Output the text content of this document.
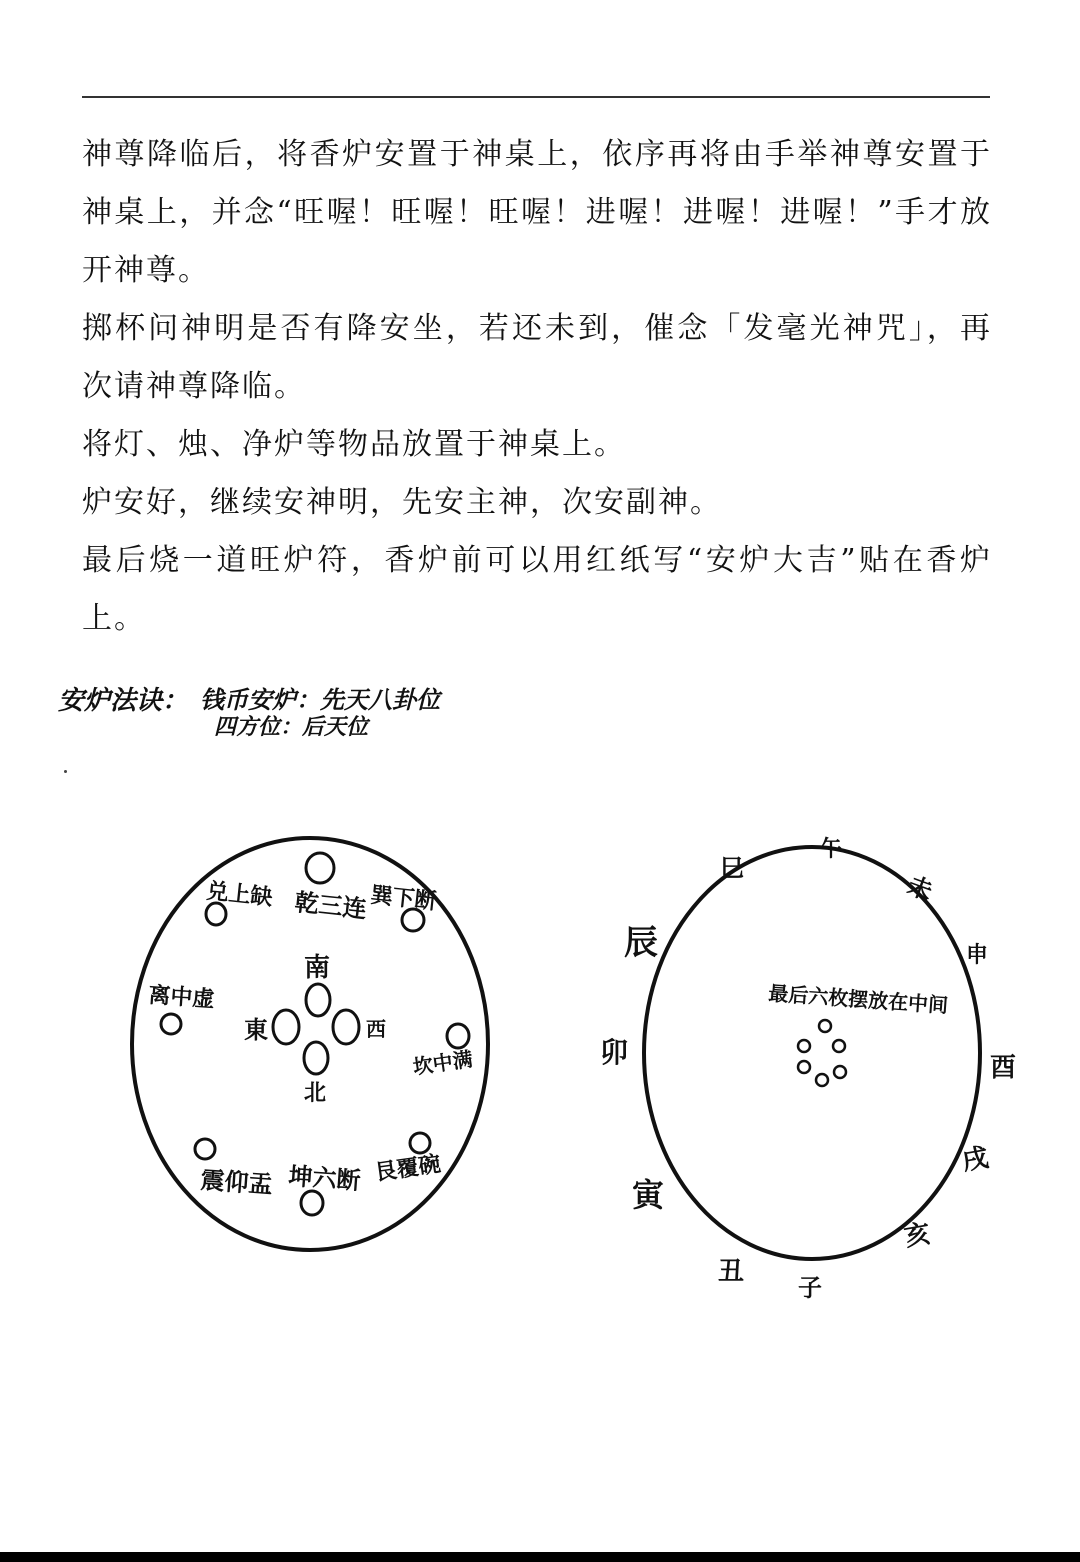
神尊降临后，将香炉安置于神桌上，依序再将由手举神尊安置于神桌上，并念“旺喔！旺喔！旺喔！进喔！进喔！进喔！”手才放开神尊。

掷杯问神明是否有降安坐，若还未到，催念「发毫光神咒」，再次请神尊降临。

将灯、烛、净炉等物品放置于神桌上。

炉安好，继续安神明，先安主神，次安副神。

最后烧一道旺炉符，香炉前可以用红纸写“安炉大吉”贴在香炉上。

安炉法诀： 钱币安炉：先天八卦位
四方位：后天位
南
東	西
北
乾三连
兑上缺	巽下断
离中虚
坎中满
震仰盂 坤六断 艮覆碗
最后六枚摆放在中间
午
未
申
酉
戌
亥
子
丑
寅
卯
辰
巳
